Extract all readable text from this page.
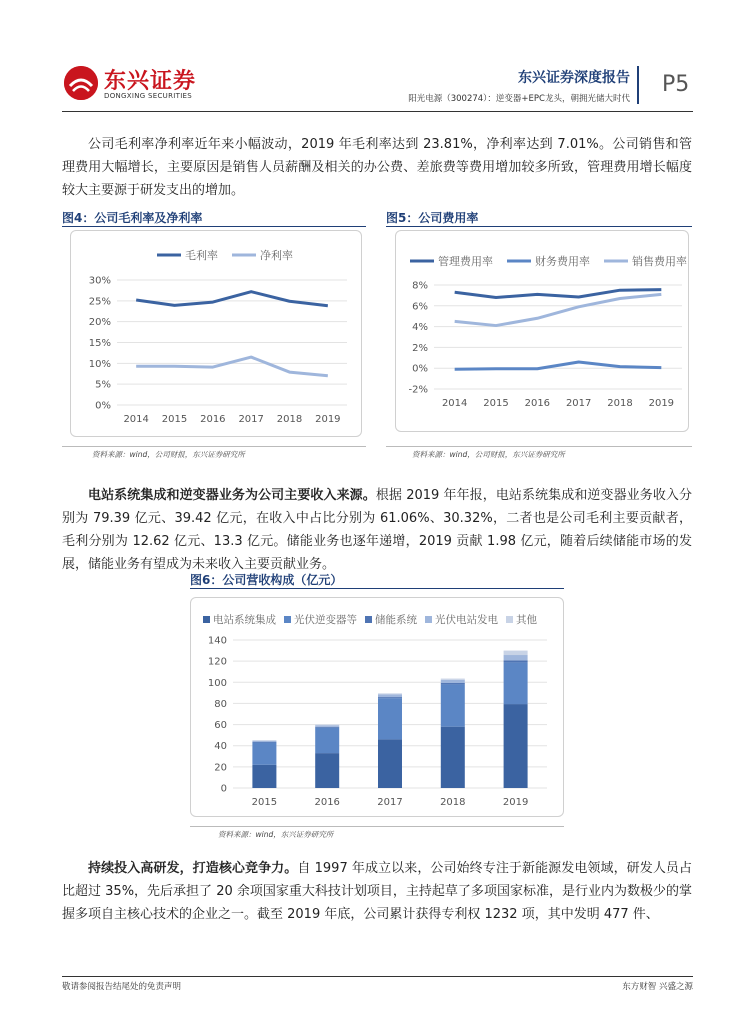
东兴证券
DONGXING SECURITIES
东兴证券深度报告
阳光电源（300274）：逆变器+EPC龙头，朝拥光储大时代
P5
公司毛利率净利率近年来小幅波动，2019 年毛利率达到 23.81%，净利率达到 7.01%。公司销售和管理费用大幅增长，主要原因是销售人员薪酬及相关的办公费、差旅费等费用增加较多所致，管理费用增长幅度较大主要源于研发支出的增加。
图4：公司毛利率及净利率	图5：公司费用率
0%
5%
10%
15%
20%
25%
30%
2014 2015 2016 2017 2018 2019
毛利率	净利率
-2%
0%
2%
4%
6%
8%
2014 2015 2016 2017 2018 2019
管理费用率	财务费用率	销售费用率
资料来源：wind，公司财报，东兴证券研究所	资料来源：wind，公司财报，东兴证券研究所
电站系统集成和逆变器业务为公司主要收入来源。根据 2019 年年报，电站系统集成和逆变器业务收入分别为 79.39 亿元、39.42 亿元，在收入中占比分别为 61.06%、30.32%，二者也是公司毛利主要贡献者，毛利分别为 12.62 亿元、13.3 亿元。储能业务也逐年递增，2019 贡献 1.98 亿元，随着后续储能市场的发展，储能业务有望成为未来收入主要贡献业务。
图6：公司营收构成（亿元）
0
20
40
60
80
100
120
140
2015	2016	2017	2018	2019
电站系统集成 光伏逆变器等 储能系统 光伏电站发电 其他
资料来源：wind，东兴证券研究所
持续投入高研发，打造核心竞争力。自 1997 年成立以来，公司始终专注于新能源发电领域，研发人员占比超过 35%，先后承担了 20 余项国家重大科技计划项目，主持起草了多项国家标准，是行业内为数极少的掌握多项自主核心技术的企业之一。截至 2019 年底，公司累计获得专利权 1232 项，其中发明 477 件、
敬请参阅报告结尾处的免责声明	东方财智 兴盛之源
